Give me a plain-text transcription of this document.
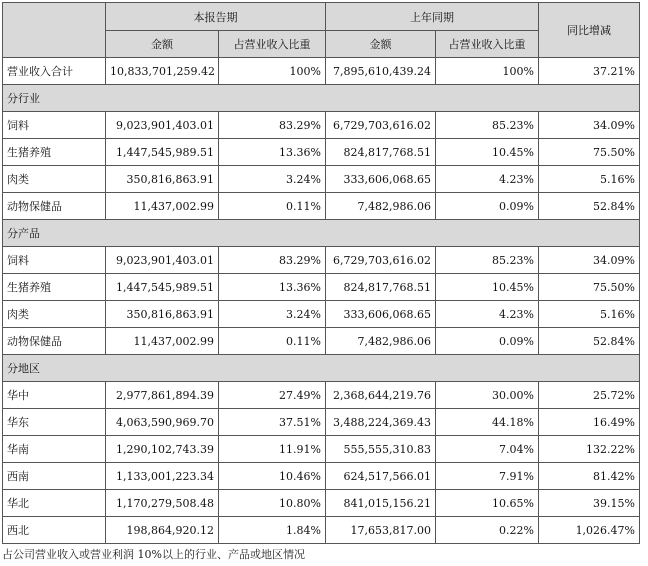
	本报告期		上年同期		同比增减
	金额	占营业收入比重	金额	占营业收入比重	
营业收入合计	10,833,701,259.42	100%	7,895,610,439.24	100%	37.21%
分行业					
饲料	9,023,901,403.01	83.29%	6,729,703,616.02	85.23%	34.09%
生猪养殖	1,447,545,989.51	13.36%	824,817,768.51	10.45%	75.50%
肉类	350,816,863.91	3.24%	333,606,068.65	4.23%	5.16%
动物保健品	11,437,002.99	0.11%	7,482,986.06	0.09%	52.84%
分产品					
饲料	9,023,901,403.01	83.29%	6,729,703,616.02	85.23%	34.09%
生猪养殖	1,447,545,989.51	13.36%	824,817,768.51	10.45%	75.50%
肉类	350,816,863.91	3.24%	333,606,068.65	4.23%	5.16%
动物保健品	11,437,002.99	0.11%	7,482,986.06	0.09%	52.84%
分地区					
华中	2,977,861,894.39	27.49%	2,368,644,219.76	30.00%	25.72%
华东	4,063,590,969.70	37.51%	3,488,224,369.43	44.18%	16.49%
华南	1,290,102,743.39	11.91%	555,555,310.83	7.04%	132.22%
西南	1,133,001,223.34	10.46%	624,517,566.01	7.91%	81.42%
华北	1,170,279,508.48	10.80%	841,015,156.21	10.65%	39.15%
西北	198,864,920.12	1.84%	17,653,817.00	0.22%	1,026.47%
占公司营业收入或营业利润 10%以上的行业、产品或地区情况
